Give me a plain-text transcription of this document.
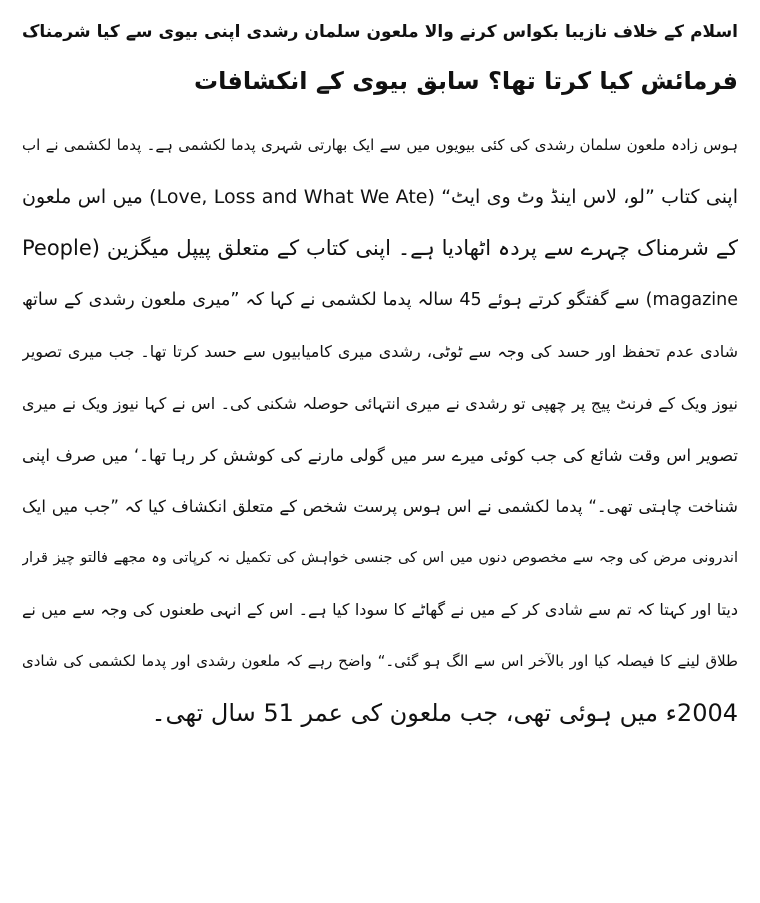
اسلام کے خلاف نازیبا بکواس کرنے والا ملعون سلمان رشدی اپنی بیوی سے کیا شرمناک
فرمائش کیا کرتا تھا؟ سابق بیوی کے انکشافات
ہوس زادہ ملعون سلمان رشدی کی کئی بیویوں میں سے ایک بھارتی شہری پدما لکشمی ہے۔ پدما لکشمی نے اب
اپنی کتاب ”لو، لاس اینڈ وٹ وی ایٹ“ (Love, Loss and What We Ate) میں اس ملعون
کے شرمناک چہرے سے پردہ اٹھادیا ہے۔ اپنی کتاب کے متعلق پیپل میگزین (People
magazine) سے گفتگو کرتے ہوئے 45 سالہ پدما لکشمی نے کہا کہ ”میری ملعون رشدی کے ساتھ
شادی عدم تحفظ اور حسد کی وجہ سے ٹوٹی، رشدی میری کامیابیوں سے حسد کرتا تھا۔ جب میری تصویر
نیوز ویک کے فرنٹ پیج پر چھپی تو رشدی نے میری انتہائی حوصلہ شکنی کی۔ اس نے کہا نیوز ویک نے میری
تصویر اس وقت شائع کی جب کوئی میرے سر میں گولی مارنے کی کوشش کر رہا تھا۔‘ میں صرف اپنی
شناخت چاہتی تھی۔“ پدما لکشمی نے اس ہوس پرست شخص کے متعلق انکشاف کیا کہ ”جب میں ایک
اندرونی مرض کی وجہ سے مخصوص دنوں میں اس کی جنسی خواہش کی تکمیل نہ کرپاتی وہ مجھے فالتو چیز قرار
دیتا اور کہتا کہ تم سے شادی کر کے میں نے گھاٹے کا سودا کیا ہے۔ اس کے انہی طعنوں کی وجہ سے میں نے
طلاق لینے کا فیصلہ کیا اور بالآخر اس سے الگ ہو گئی۔“ واضح رہے کہ ملعون رشدی اور پدما لکشمی کی شادی
2004ء میں ہوئی تھی، جب ملعون کی عمر 51 سال تھی۔
